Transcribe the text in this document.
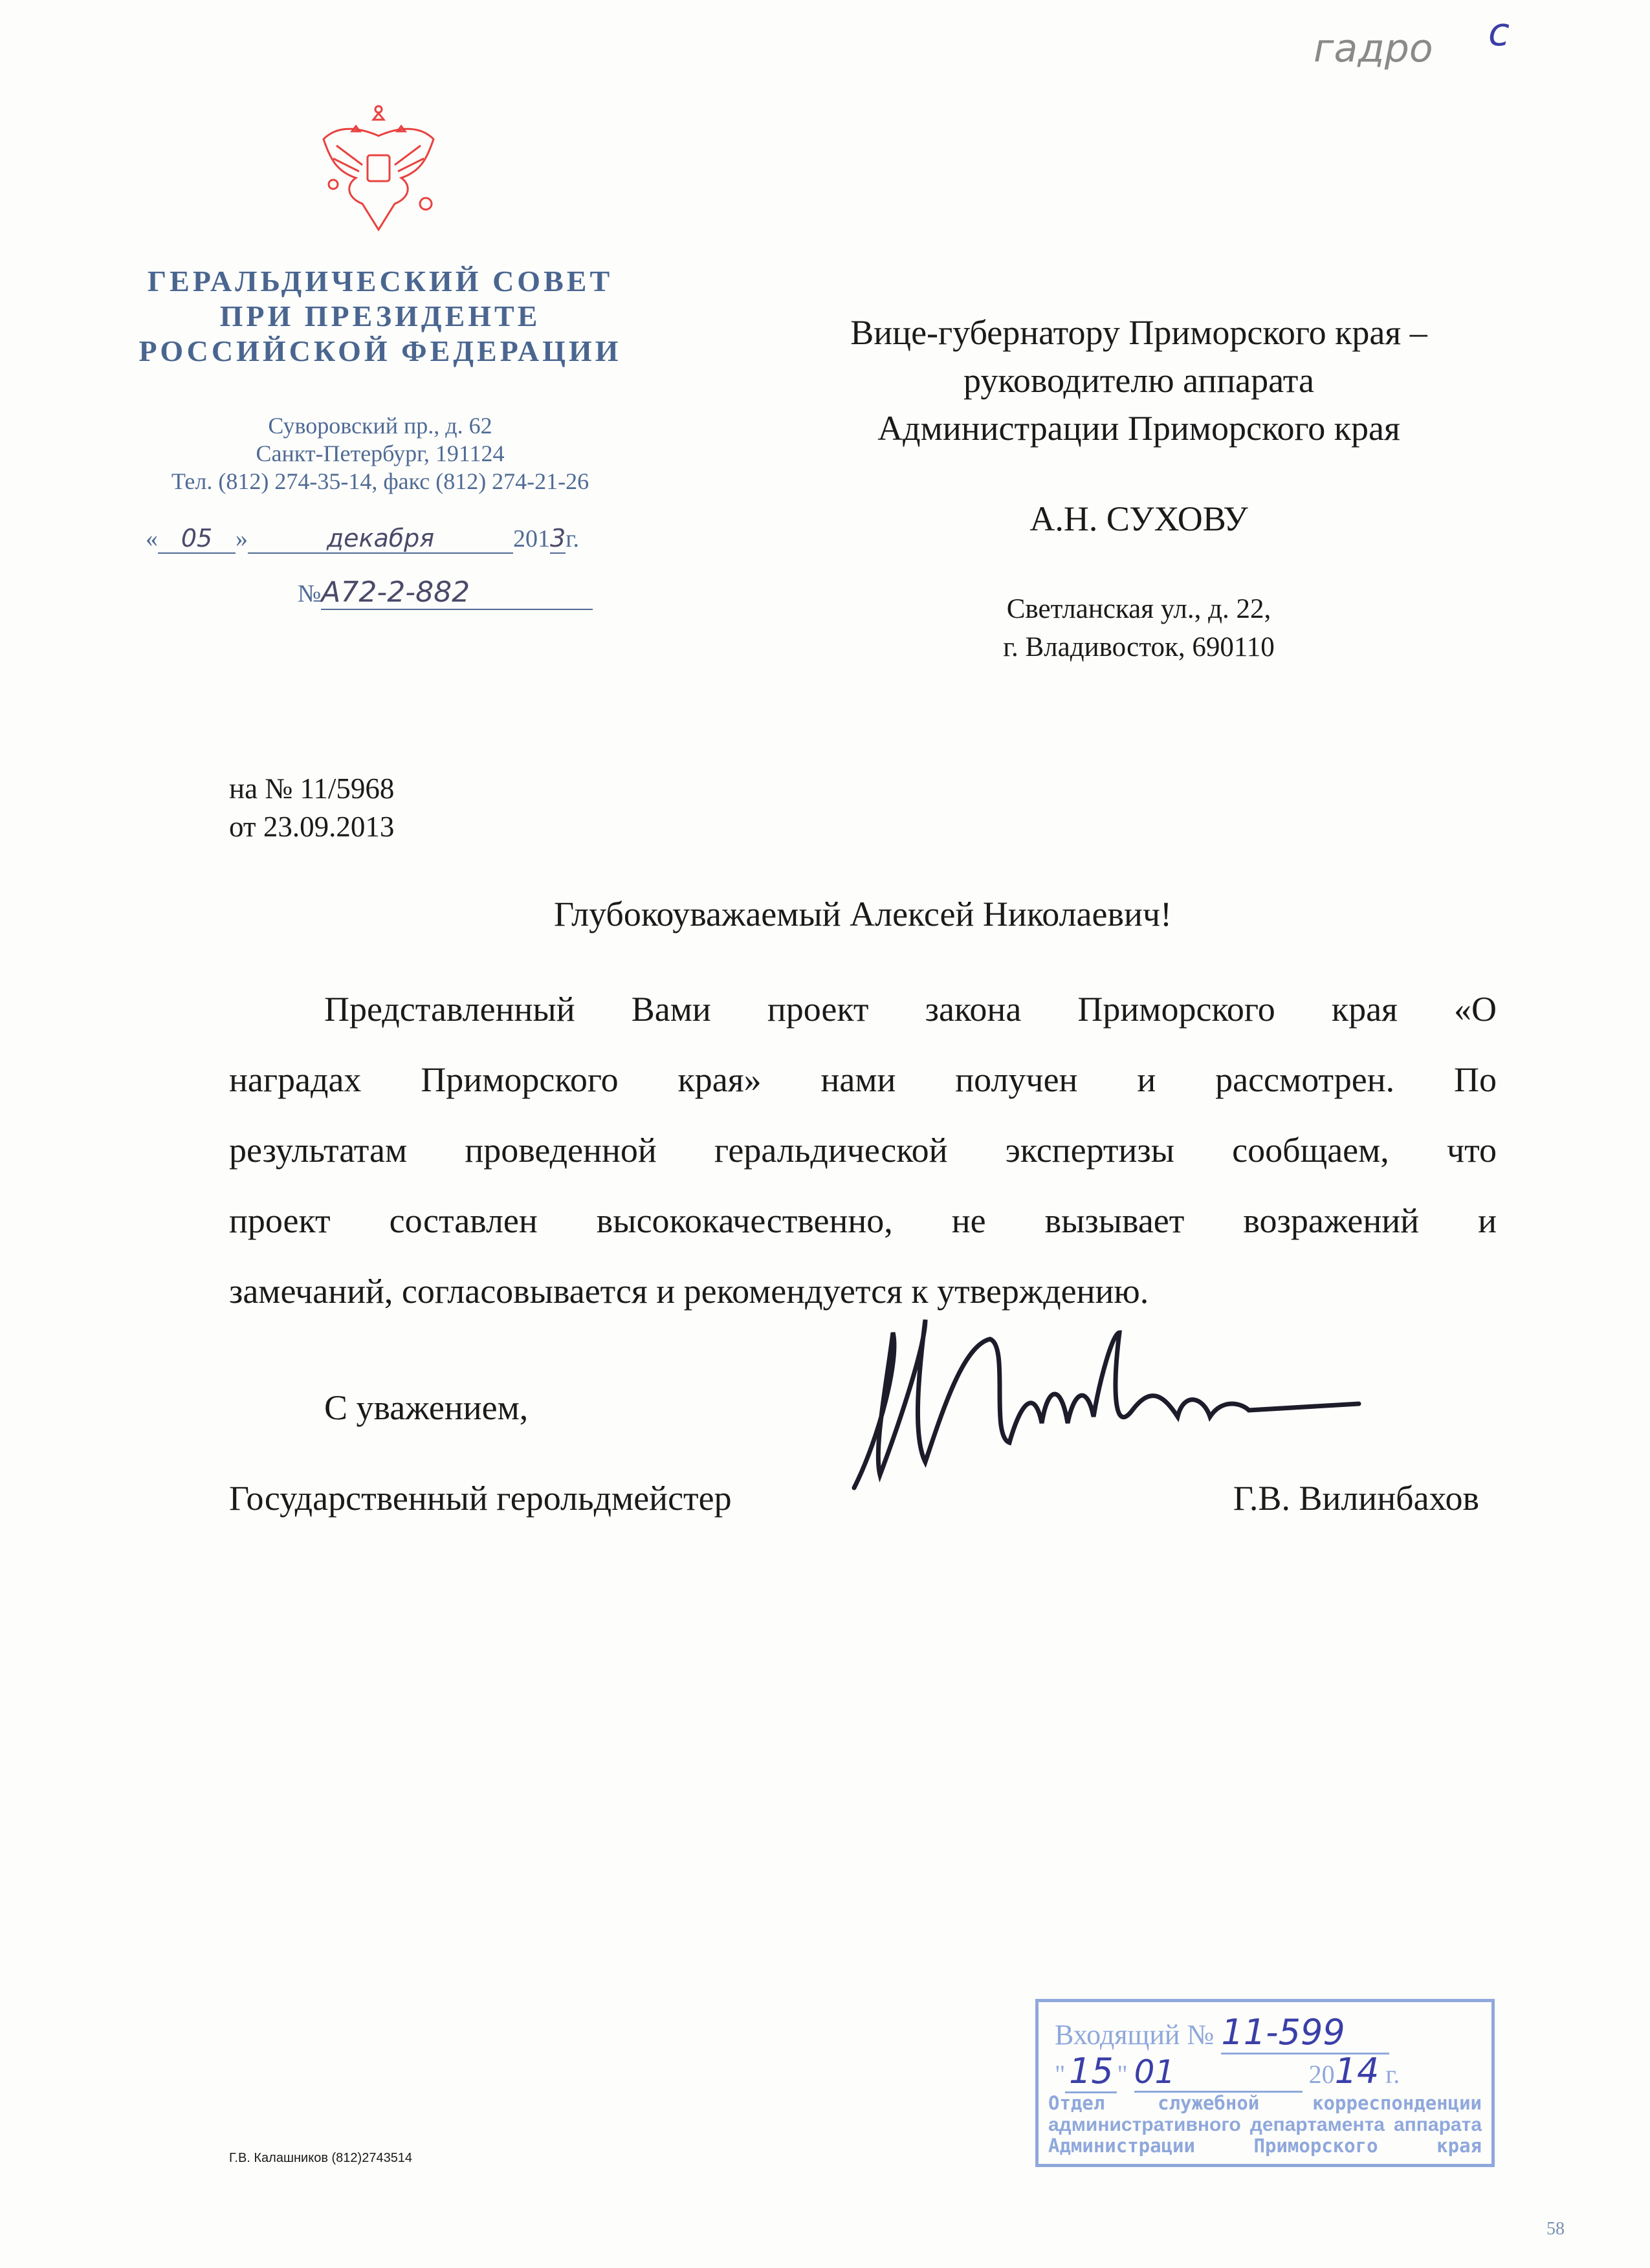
гадро с
ГЕРАЛЬДИЧЕСКИЙ СОВЕТ
ПРИ ПРЕЗИДЕНТЕ
РОССИЙСКОЙ ФЕДЕРАЦИИ
Суворовский пр., д. 62
Санкт-Петербург, 191124
Тел. (812) 274-35-14, факс (812) 274-21-26
« 05 »	декабря	2013г.
№А72-2-882
Вице-губернатору Приморского края –
руководителю аппарата
Администрации Приморского края
А.Н. СУХОВУ
Светланская ул., д. 22,
г. Владивосток, 690110
на № 11/5968
от 23.09.2013
Глубокоуважаемый Алексей Николаевич!
Представленный Вами проект закона Приморского края «О
наградах Приморского края» нами получен и рассмотрен. По
результатам проведенной геральдической экспертизы сообщаем, что
проект составлен высококачественно, не вызывает возражений и
замечаний, согласовывается и рекомендуется к утверждению.
С уважением,
Государственный герольдмейстер	Г.В. Вилинбахов
Г.В. Калашников (812)2743514
58
Входящий № 11-599
" 15 " 01	2014 г.
Отдел служебной корреспонденции
административного департамента аппарата
Администрации Приморского края
